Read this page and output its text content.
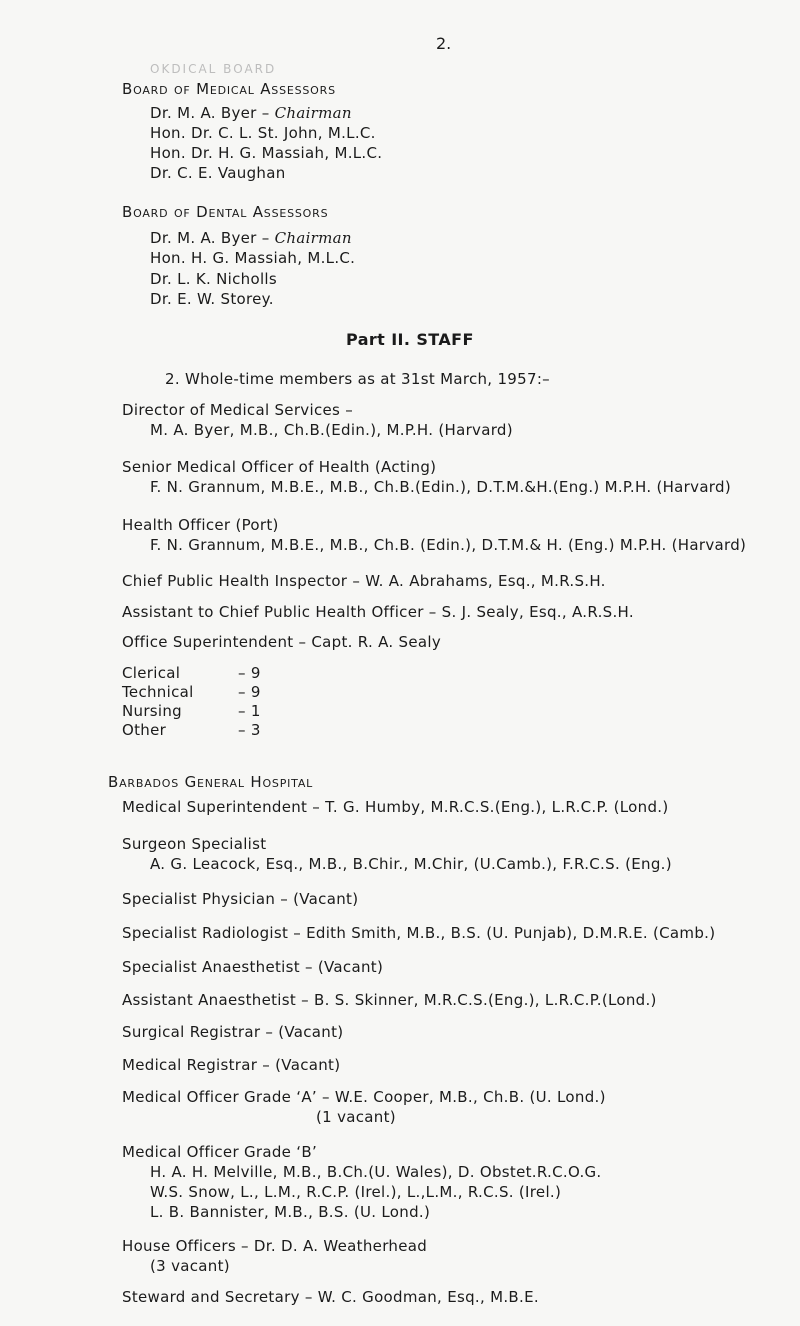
2.
OKDICAL BOARD
Board of Medical Assessors
Dr. M. A. Byer – Chairman
Hon. Dr. C. L. St. John, M.L.C.
Hon. Dr. H. G. Massiah, M.L.C.
Dr. C. E. Vaughan
Board of Dental Assessors
Dr. M. A. Byer – Chairman
Hon. H. G. Massiah, M.L.C.
Dr. L. K. Nicholls
Dr. E. W. Storey.
Part II. STAFF
2. Whole-time members as at 31st March, 1957:–
Director of Medical Services –
M. A. Byer, M.B., Ch.B.(Edin.), M.P.H. (Harvard)
Senior Medical Officer of Health (Acting)
F. N. Grannum, M.B.E., M.B., Ch.B.(Edin.), D.T.M.&H.(Eng.) M.P.H. (Harvard)
Health Officer (Port)
F. N. Grannum, M.B.E., M.B., Ch.B. (Edin.), D.T.M.& H. (Eng.) M.P.H. (Harvard)
Chief Public Health Inspector – W. A. Abrahams, Esq., M.R.S.H.
Assistant to Chief Public Health Officer – S. J. Sealy, Esq., A.R.S.H.
Office Superintendent – Capt. R. A. Sealy
Clerical	– 9
Technical	– 9
Nursing	– 1
Other	– 3
Barbados General Hospital
Medical Superintendent – T. G. Humby, M.R.C.S.(Eng.), L.R.C.P. (Lond.)
Surgeon Specialist
A. G. Leacock, Esq., M.B., B.Chir., M.Chir, (U.Camb.), F.R.C.S. (Eng.)
Specialist Physician – (Vacant)
Specialist Radiologist – Edith Smith, M.B., B.S. (U. Punjab), D.M.R.E. (Camb.)
Specialist Anaesthetist – (Vacant)
Assistant Anaesthetist – B. S. Skinner, M.R.C.S.(Eng.), L.R.C.P.(Lond.)
Surgical Registrar – (Vacant)
Medical Registrar – (Vacant)
Medical Officer Grade ‘A’ – W.E. Cooper, M.B., Ch.B. (U. Lond.)
(1 vacant)
Medical Officer Grade ‘B’
H. A. H. Melville, M.B., B.Ch.(U. Wales), D. Obstet.R.C.O.G.
W.S. Snow, L., L.M., R.C.P. (Irel.), L.,L.M., R.C.S. (Irel.)
L. B. Bannister, M.B., B.S. (U. Lond.)
House Officers – Dr. D. A. Weatherhead
(3 vacant)
Steward and Secretary – W. C. Goodman, Esq., M.B.E.
